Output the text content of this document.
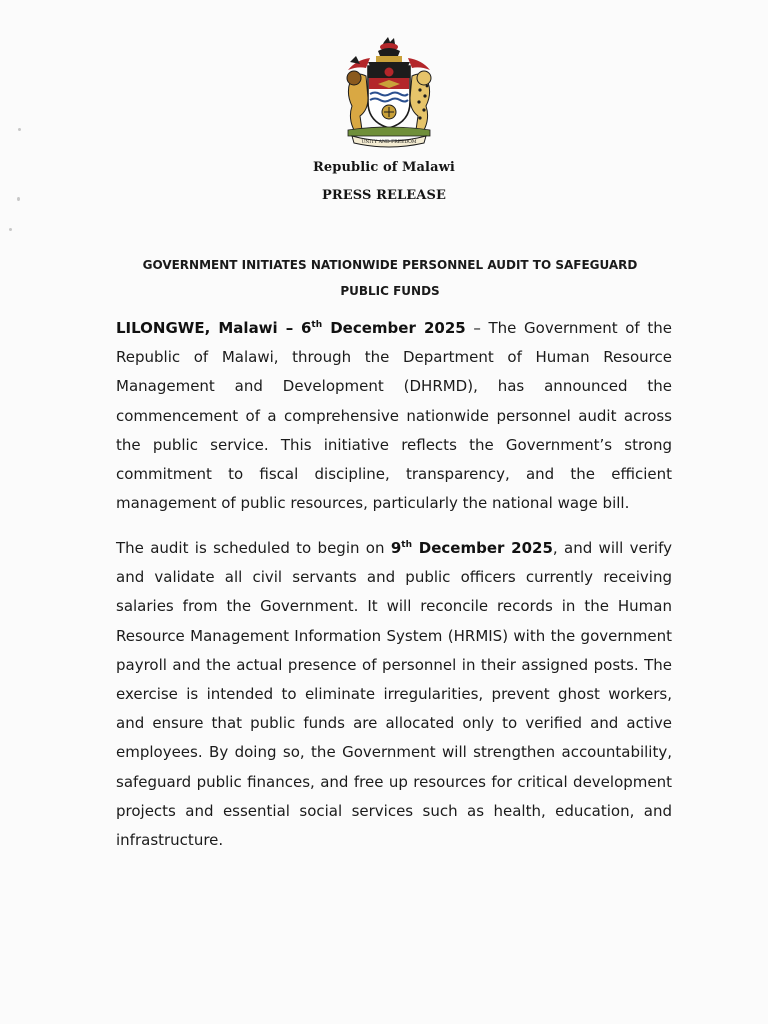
UNITY AND FREEDOM
Republic of Malawi
PRESS RELEASE
GOVERNMENT INITIATES NATIONWIDE PERSONNEL AUDIT TO SAFEGUARD
PUBLIC FUNDS
LILONGWE, Malawi – 6th December 2025 – The Government of the Republic of Malawi, through the Department of Human Resource Management and Development (DHRMD), has announced the commencement of a comprehensive nationwide personnel audit across the public service. This initiative reflects the Government’s strong commitment to fiscal discipline, transparency, and the efficient management of public resources, particularly the national wage bill.
The audit is scheduled to begin on 9th December 2025, and will verify and validate all civil servants and public officers currently receiving salaries from the Government. It will reconcile records in the Human Resource Management Information System (HRMIS) with the government payroll and the actual presence of personnel in their assigned posts. The exercise is intended to eliminate irregularities, prevent ghost workers, and ensure that public funds are allocated only to verified and active employees. By doing so, the Government will strengthen accountability, safeguard public finances, and free up resources for critical development projects and essential social services such as health, education, and infrastructure.
